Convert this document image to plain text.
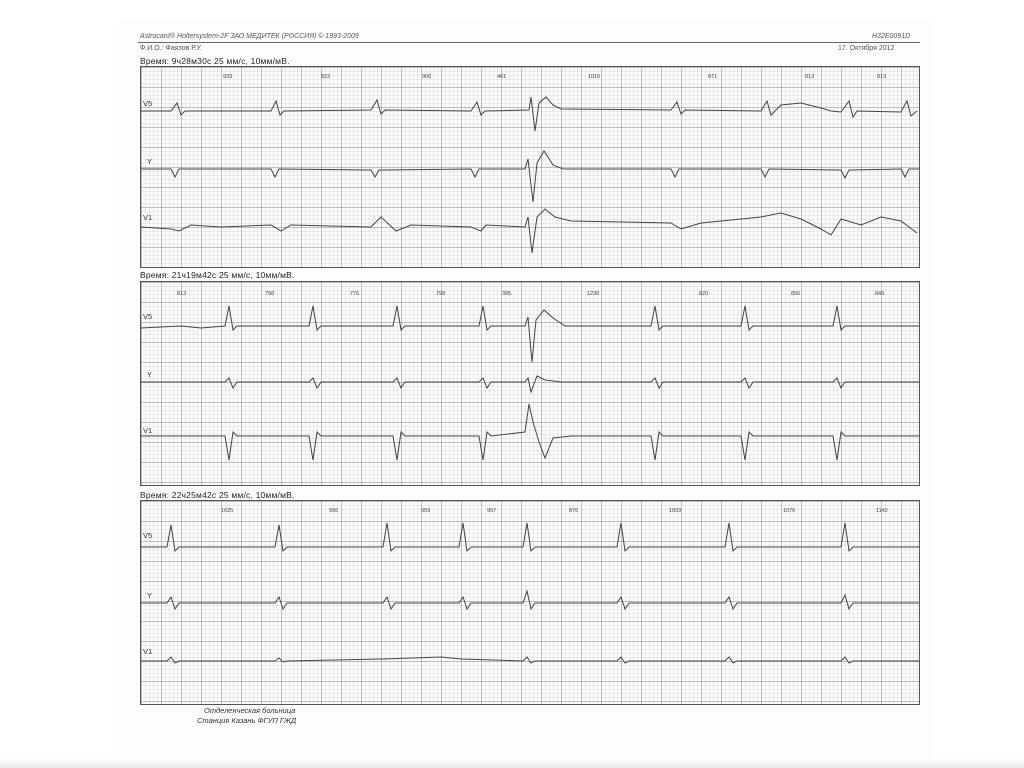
Astrocard® Holtersystem-2F ЗАО МЕДИТЕК (РОССИЯ) © 1993-2009	H32E0091D
Ф.И.О.: Фаязов Р.У.	17. Октября 2012
Время: 9ч28м30с 25 мм/с, 10мм/мВ.
V5
Y
V1
933	822	906	461	1016	871	813	813
Время: 21ч19м42с 25 мм/с, 10мм/мВ.
V5
Y
V1
813	798	776	798	395	1230	820	856	849
Время: 22ч25м42с 25 мм/с, 10мм/мВ.
V5
Y
V1
1025	996	959	907	876	1003	1076	1142
Отделенческая больница
Станция Казань ФГУП ГЖД
